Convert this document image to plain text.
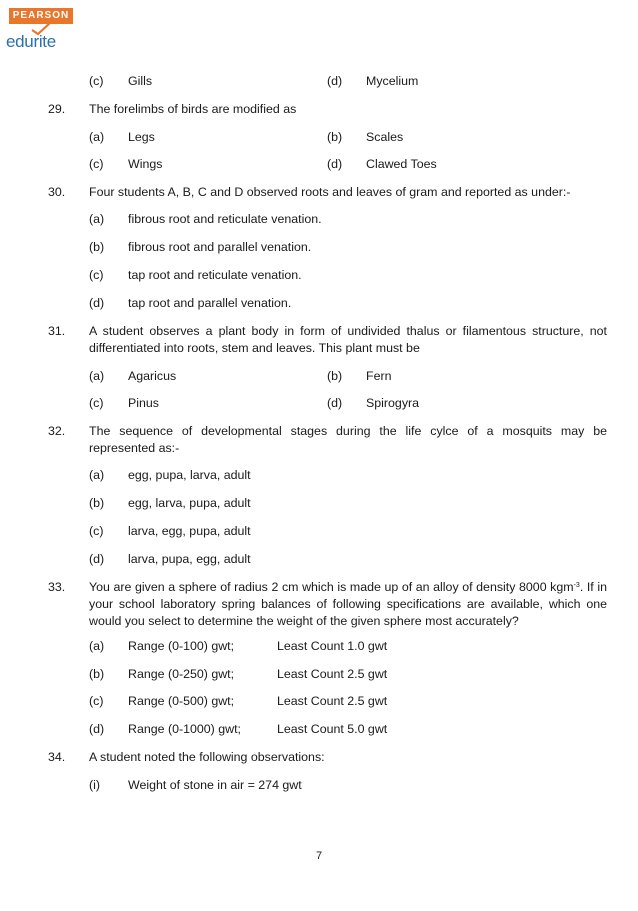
PEARSON
edurite
(c) Gills	(d) Mycelium
29. The forelimbs of birds are modified as
(a) Legs	(b) Scales
(c) Wings	(d) Clawed Toes
30. Four students A, B, C and D observed roots and leaves of gram and reported as under:-
(a) fibrous root and reticulate venation.
(b) fibrous root and parallel venation.
(c) tap root and reticulate venation.
(d) tap root and parallel venation.
31. A student observes a plant body in form of undivided thalus or filamentous structure, not
differentiated into roots, stem and leaves. This plant must be
(a) Agaricus	(b) Fern
(c) Pinus	(d) Spirogyra
32. The sequence of developmental stages during the life cylce of a mosquits may be
represented as:-
(a) egg, pupa, larva, adult
(b) egg, larva, pupa, adult
(c) larva, egg, pupa, adult
(d) larva, pupa, egg, adult
33. You are given a sphere of radius 2 cm which is made up of an alloy of density 8000 kgm$^{-3}$. If in
your school laboratory spring balances of following specifications are available, which one
would you select to determine the weight of the given sphere most accurately?
(a) Range (0-100) gwt;	Least Count 1.0 gwt
(b) Range (0-250) gwt;	Least Count 2.5 gwt
(c) Range (0-500) gwt;	Least Count 2.5 gwt
(d) Range (0-1000) gwt;	Least Count 5.0 gwt
34. A student noted the following observations:
(i) Weight of stone in air = 274 gwt
7
